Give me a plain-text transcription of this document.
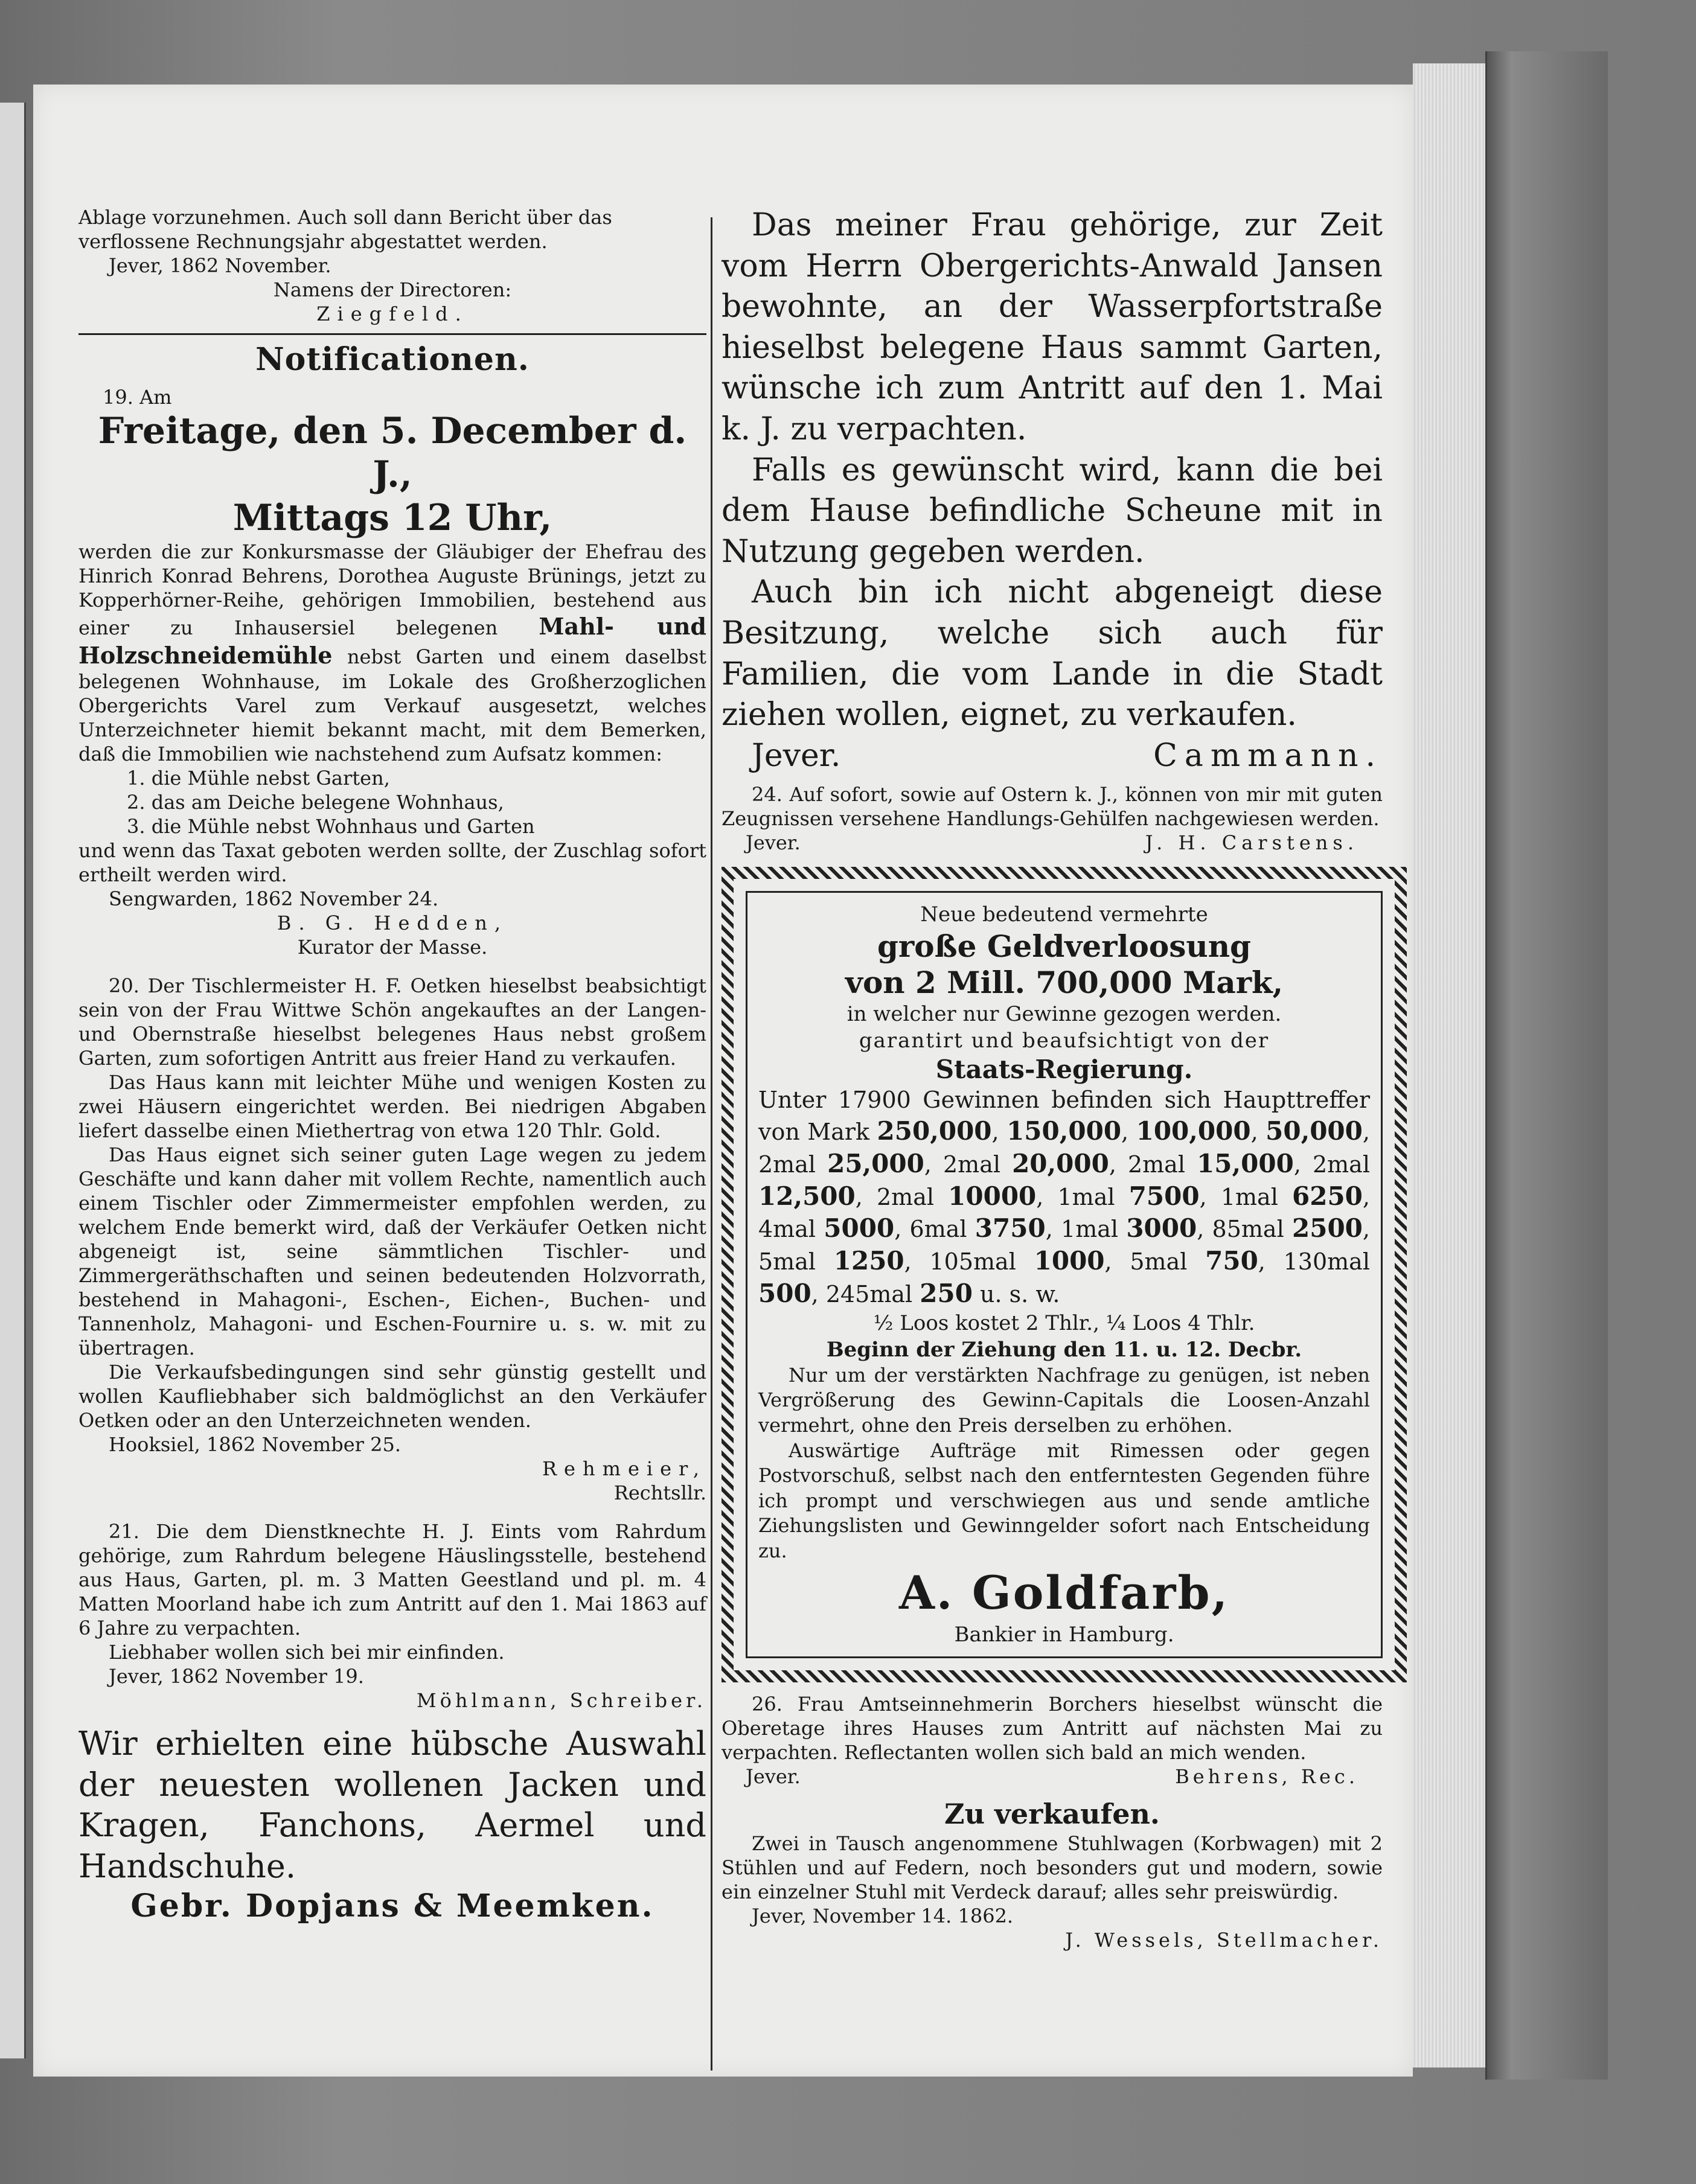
Ablage vorzunehmen. Auch soll dann Bericht über das

verflossene Rechnungsjahr abgestattet werden.

Jever, 1862 November.

Namens der Directoren:

Ziegfeld.

Notificationen.

19. Am

Freitage, den 5. December d. J.,

Mittags 12 Uhr,

werden die zur Konkursmasse der Gläubiger der Ehefrau des Hinrich Konrad Behrens, Dorothea Auguste Brünings, jetzt zu Kopperhörner-Reihe, gehörigen Immobilien, bestehend aus einer zu Inhausersiel belegenen Mahl- und Holzschneidemühle nebst Garten und einem daselbst belegenen Wohnhause, im Lokale des Großherzoglichen Obergerichts Varel zum Verkauf ausgesetzt, welches Unterzeichneter hiemit bekannt macht, mit dem Bemerken, daß die Immobilien wie nachstehend zum Aufsatz kommen:

1. die Mühle nebst Garten,

2. das am Deiche belegene Wohnhaus,

3. die Mühle nebst Wohnhaus und Garten

und wenn das Taxat geboten werden sollte, der Zuschlag sofort ertheilt werden wird.

Sengwarden, 1862 November 24.

B. G. Hedden,

Kurator der Masse.

20. Der Tischlermeister H. F. Oetken hieselbst beabsichtigt sein von der Frau Wittwe Schön angekauftes an der Langen- und Obernstraße hieselbst belegenes Haus nebst großem Garten, zum sofortigen Antritt aus freier Hand zu verkaufen.

Das Haus kann mit leichter Mühe und wenigen Kosten zu zwei Häusern eingerichtet werden. Bei niedrigen Abgaben liefert dasselbe einen Miethertrag von etwa 120 Thlr. Gold.

Das Haus eignet sich seiner guten Lage wegen zu jedem Geschäfte und kann daher mit vollem Rechte, namentlich auch einem Tischler oder Zimmermeister empfohlen werden, zu welchem Ende bemerkt wird, daß der Verkäufer Oetken nicht abgeneigt ist, seine sämmtlichen Tischler- und Zimmergeräthschaften und seinen bedeutenden Holzvorrath, bestehend in Mahagoni-, Eschen-, Eichen-, Buchen- und Tannenholz, Mahagoni- und Eschen-Fournire u. s. w. mit zu übertragen.

Die Verkaufsbedingungen sind sehr günstig gestellt und wollen Kaufliebhaber sich baldmöglichst an den Verkäufer Oetken oder an den Unterzeichneten wenden.

Hooksiel, 1862 November 25.

Rehmeier,

Rechtsllr.

21. Die dem Dienstknechte H. J. Eints vom Rahrdum gehörige, zum Rahrdum belegene Häuslingsstelle, bestehend aus Haus, Garten, pl. m. 3 Matten Geestland und pl. m. 4 Matten Moorland habe ich zum Antritt auf den 1. Mai 1863 auf 6 Jahre zu verpachten.

Liebhaber wollen sich bei mir einfinden.

Jever, 1862 November 19.

Möhlmann, Schreiber.

Wir erhielten eine hübsche Auswahl der neuesten wollenen Jacken und Kragen, Fanchons, Aermel und Handschuhe.

Gebr. Dopjans & Meemken.

Das meiner Frau gehörige, zur Zeit vom Herrn Obergerichts-Anwald Jansen bewohnte, an der Wasserpfortstraße hieselbst belegene Haus sammt Garten, wünsche ich zum Antritt auf den 1. Mai k. J. zu verpachten.

Falls es gewünscht wird, kann die bei dem Hause befindliche Scheune mit in Nutzung gegeben werden.

Auch bin ich nicht abgeneigt diese Besitzung, welche sich auch für Familien, die vom Lande in die Stadt ziehen wollen, eignet, zu verkaufen.

Jever.	Cammann.

24. Auf sofort, sowie auf Ostern k. J., können von mir mit guten Zeugnissen versehene Handlungs-Gehülfen nachgewiesen werden.

Jever.	J. H. Carstens.

Neue bedeutend vermehrte

große Geldverloosung

von 2 Mill. 700,000 Mark,

in welcher nur Gewinne gezogen werden.

garantirt und beaufsichtigt von der

Staats-Regierung.

Unter 17900 Gewinnen befinden sich Haupttreffer von Mark 250,000, 150,000, 100,000, 50,000, 2mal 25,000, 2mal 20,000, 2mal 15,000, 2mal 12,500, 2mal 10000, 1mal 7500, 1mal 6250, 4mal 5000, 6mal 3750, 1mal 3000, 85mal 2500, 5mal 1250, 105mal 1000, 5mal 750, 130mal 500, 245mal 250 u. s. w.

½ Loos kostet 2 Thlr., ¼ Loos 4 Thlr.

Beginn der Ziehung den 11. u. 12. Decbr.

Nur um der verstärkten Nachfrage zu genügen, ist neben Vergrößerung des Gewinn-Capitals die Loosen-Anzahl vermehrt, ohne den Preis derselben zu erhöhen.

Auswärtige Aufträge mit Rimessen oder gegen Postvorschuß, selbst nach den entferntesten Gegenden führe ich prompt und verschwiegen aus und sende amtliche Ziehungslisten und Gewinngelder sofort nach Entscheidung zu.

A. Goldfarb,

Bankier in Hamburg.

26. Frau Amtseinnehmerin Borchers hieselbst wünscht die Oberetage ihres Hauses zum Antritt auf nächsten Mai zu verpachten. Reflectanten wollen sich bald an mich wenden.

Jever.	Behrens, Rec.

Zu verkaufen.

Zwei in Tausch angenommene Stuhlwagen (Korbwagen) mit 2 Stühlen und auf Federn, noch besonders gut und modern, sowie ein einzelner Stuhl mit Verdeck darauf; alles sehr preiswürdig.

Jever, November 14. 1862.

J. Wessels, Stellmacher.
